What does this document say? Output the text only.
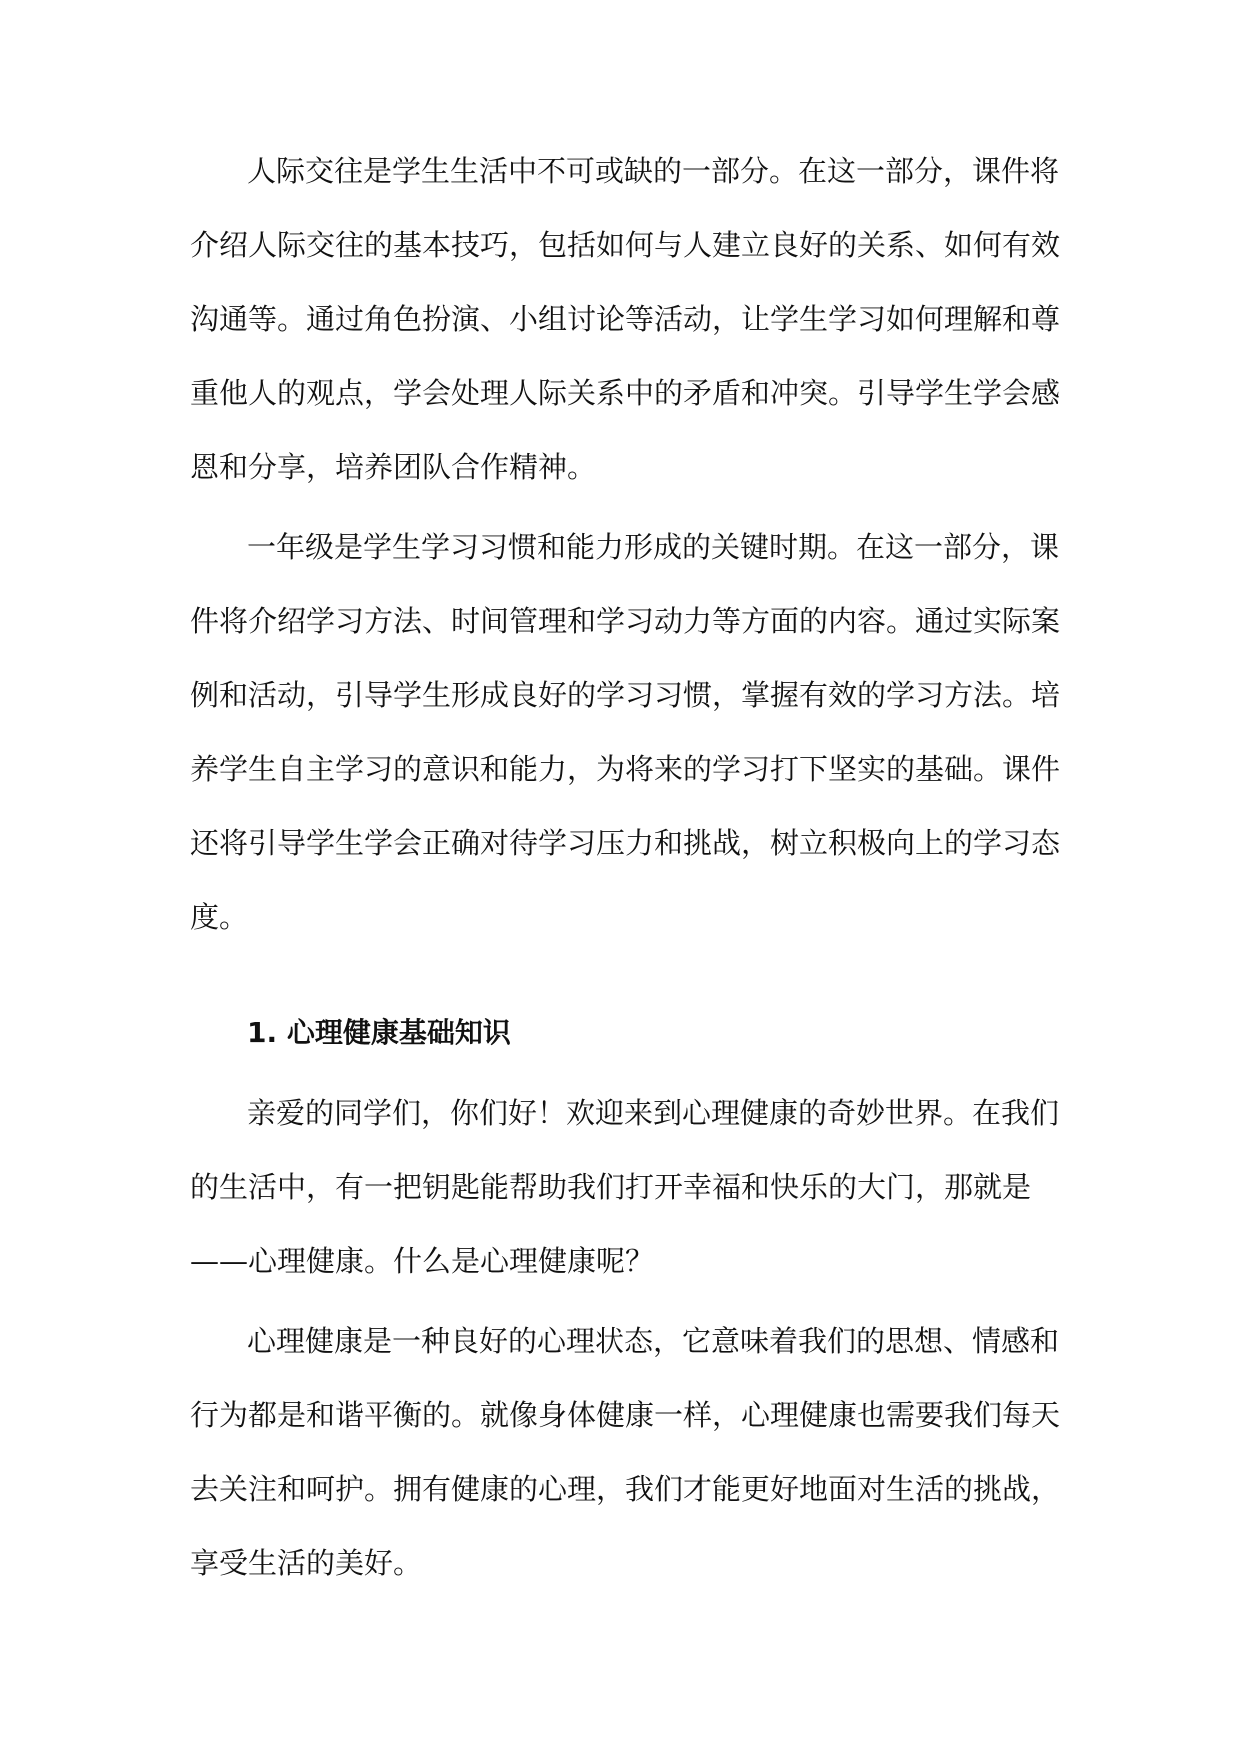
人际交往是学生生活中不可或缺的一部分。在这一部分，课件将
介绍人际交往的基本技巧，包括如何与人建立良好的关系、如何有效
沟通等。通过角色扮演、小组讨论等活动，让学生学习如何理解和尊
重他人的观点，学会处理人际关系中的矛盾和冲突。引导学生学会感
恩和分享，培养团队合作精神。
一年级是学生学习习惯和能力形成的关键时期。在这一部分，课
件将介绍学习方法、时间管理和学习动力等方面的内容。通过实际案
例和活动，引导学生形成良好的学习习惯，掌握有效的学习方法。培
养学生自主学习的意识和能力，为将来的学习打下坚实的基础。课件
还将引导学生学会正确对待学习压力和挑战，树立积极向上的学习态
度。
1. 心理健康基础知识
亲爱的同学们，你们好！欢迎来到心理健康的奇妙世界。在我们
的生活中，有一把钥匙能帮助我们打开幸福和快乐的大门，那就是
——心理健康。什么是心理健康呢？
心理健康是一种良好的心理状态，它意味着我们的思想、情感和
行为都是和谐平衡的。就像身体健康一样，心理健康也需要我们每天
去关注和呵护。拥有健康的心理，我们才能更好地面对生活的挑战，
享受生活的美好。
